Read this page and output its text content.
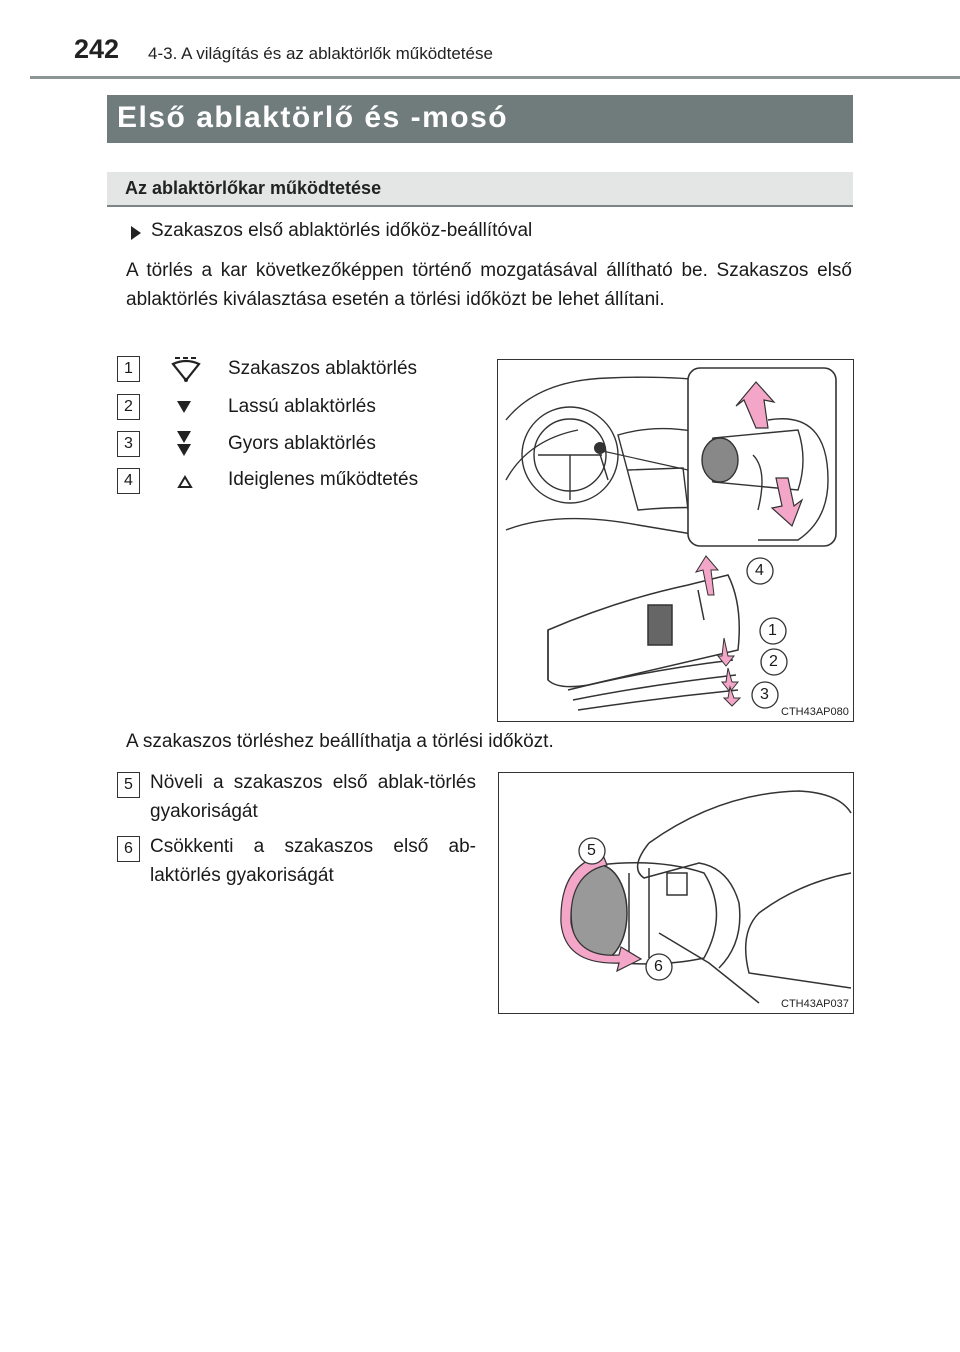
242 4-3. A világítás és az ablaktörlők működtetése
Első ablaktörlő és -mosó
Az ablaktörlőkar működtetése
Szakaszos első ablaktörlés időköz-beállítóval
A törlés a kar következőképpen történő mozgatásával állítható be. Szakaszos első ablaktörlés kiválasztása esetén a törlési időközt be lehet állítani.
1	Szakaszos ablaktörlés
2	Lassú ablaktörlés
3	Gyors ablaktörlés
4	Ideiglenes működtetés
4
1
2
3
CTH43AP080
A szakaszos törléshez beállíthatja a törlési időközt.
5 Növeli a szakaszos első ablak-törlés gyakoriságát
6 Csökkenti a szakaszos első ab-laktörlés gyakoriságát
5
6
CTH43AP037
